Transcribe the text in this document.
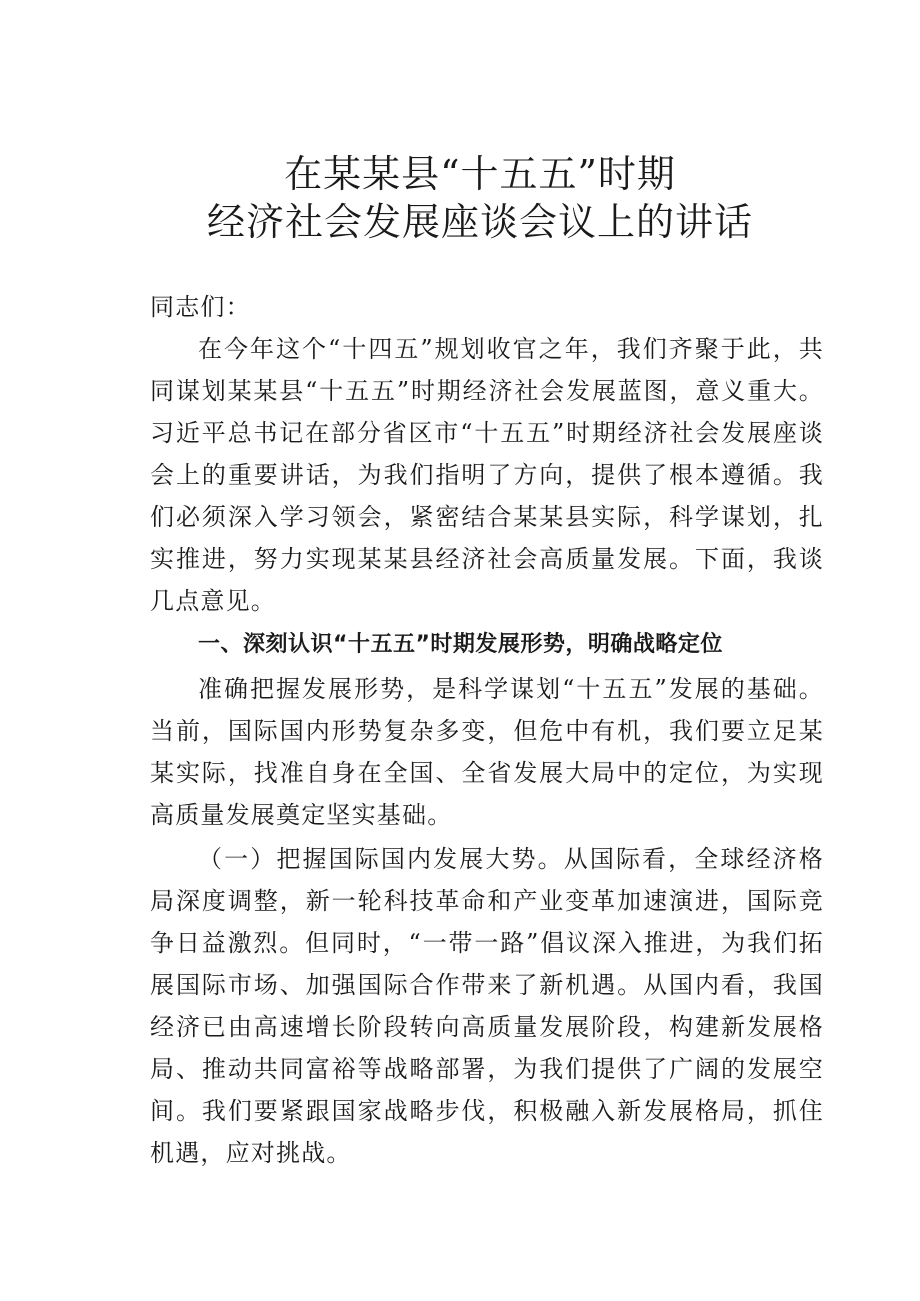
在某某县“十五五”时期
经济社会发展座谈会议上的讲话

同志们：

在今年这个“十四五”规划收官之年，我们齐聚于此，共同谋划某某县“十五五”时期经济社会发展蓝图，意义重大。习近平总书记在部分省区市“十五五”时期经济社会发展座谈会上的重要讲话，为我们指明了方向，提供了根本遵循。我们必须深入学习领会，紧密结合某某县实际，科学谋划，扎实推进，努力实现某某县经济社会高质量发展。下面，我谈几点意见。

一、深刻认识“十五五”时期发展形势，明确战略定位

准确把握发展形势，是科学谋划“十五五”发展的基础。当前，国际国内形势复杂多变，但危中有机，我们要立足某某实际，找准自身在全国、全省发展大局中的定位，为实现高质量发展奠定坚实基础。

（一）把握国际国内发展大势。从国际看，全球经济格局深度调整，新一轮科技革命和产业变革加速演进，国际竞争日益激烈。但同时，“一带一路”倡议深入推进，为我们拓展国际市场、加强国际合作带来了新机遇。从国内看，我国经济已由高速增长阶段转向高质量发展阶段，构建新发展格局、推动共同富裕等战略部署，为我们提供了广阔的发展空间。我们要紧跟国家战略步伐，积极融入新发展格局，抓住机遇，应对挑战。
